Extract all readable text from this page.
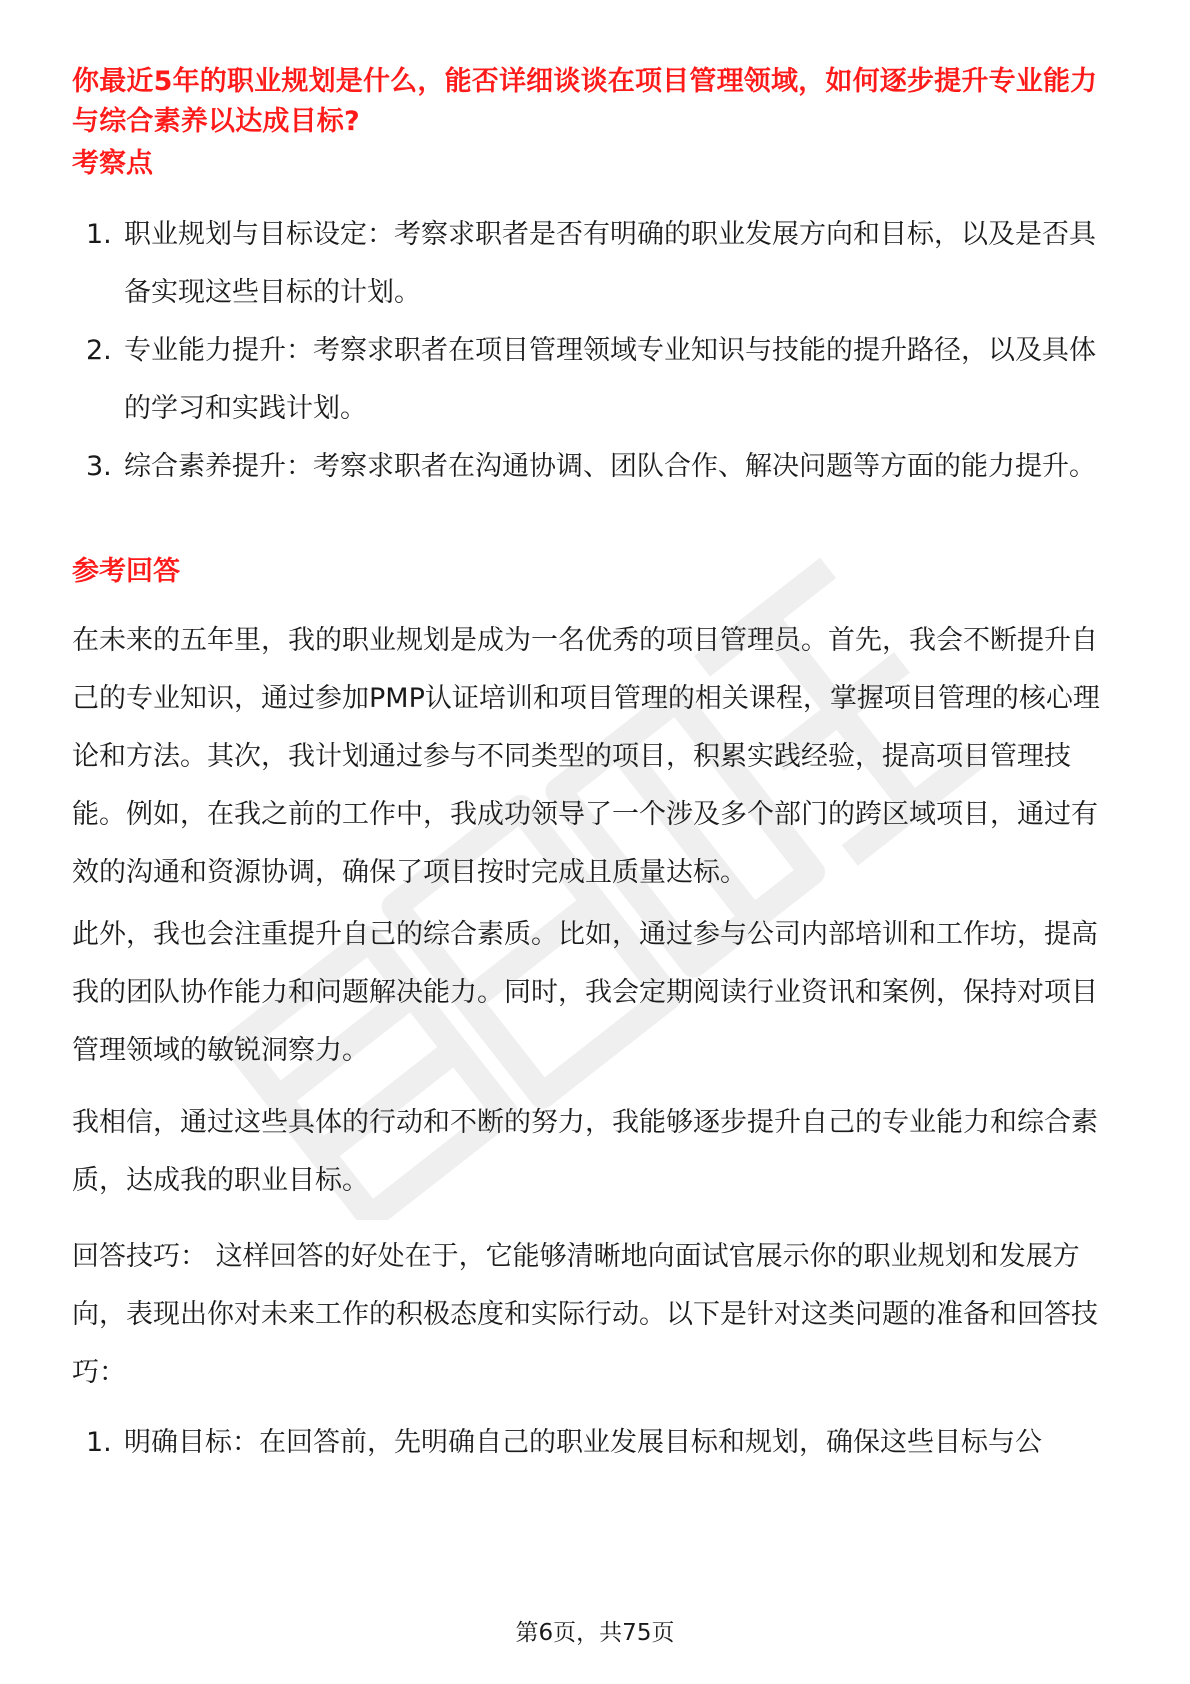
你最近5年的职业规划是什么，能否详细谈谈在项目管理领域，如何逐步提升专业能力与综合素养以达成目标?
考察点
1. 职业规划与目标设定：考察求职者是否有明确的职业发展方向和目标，以及是否具备实现这些目标的计划。
2. 专业能力提升：考察求职者在项目管理领域专业知识与技能的提升路径，以及具体的学习和实践计划。
3. 综合素养提升：考察求职者在沟通协调、团队合作、解决问题等方面的能力提升。
参考回答

在未来的五年里，我的职业规划是成为一名优秀的项目管理员。首先，我会不断提升自己的专业知识，通过参加PMP认证培训和项目管理的相关课程，掌握项目管理的核心理论和方法。其次，我计划通过参与不同类型的项目，积累实践经验，提高项目管理技能。例如，在我之前的工作中，我成功领导了一个涉及多个部门的跨区域项目，通过有效的沟通和资源协调，确保了项目按时完成且质量达标。

此外，我也会注重提升自己的综合素质。比如，通过参与公司内部培训和工作坊，提高我的团队协作能力和问题解决能力。同时，我会定期阅读行业资讯和案例，保持对项目管理领域的敏锐洞察力。

我相信，通过这些具体的行动和不断的努力，我能够逐步提升自己的专业能力和综合素质，达成我的职业目标。

回答技巧： 这样回答的好处在于，它能够清晰地向面试官展示你的职业规划和发展方向，表现出你对未来工作的积极态度和实际行动。以下是针对这类问题的准备和回答技巧：

1. 明确目标：在回答前，先明确自己的职业发展目标和规划，确保这些目标与公
第6页，共75页
